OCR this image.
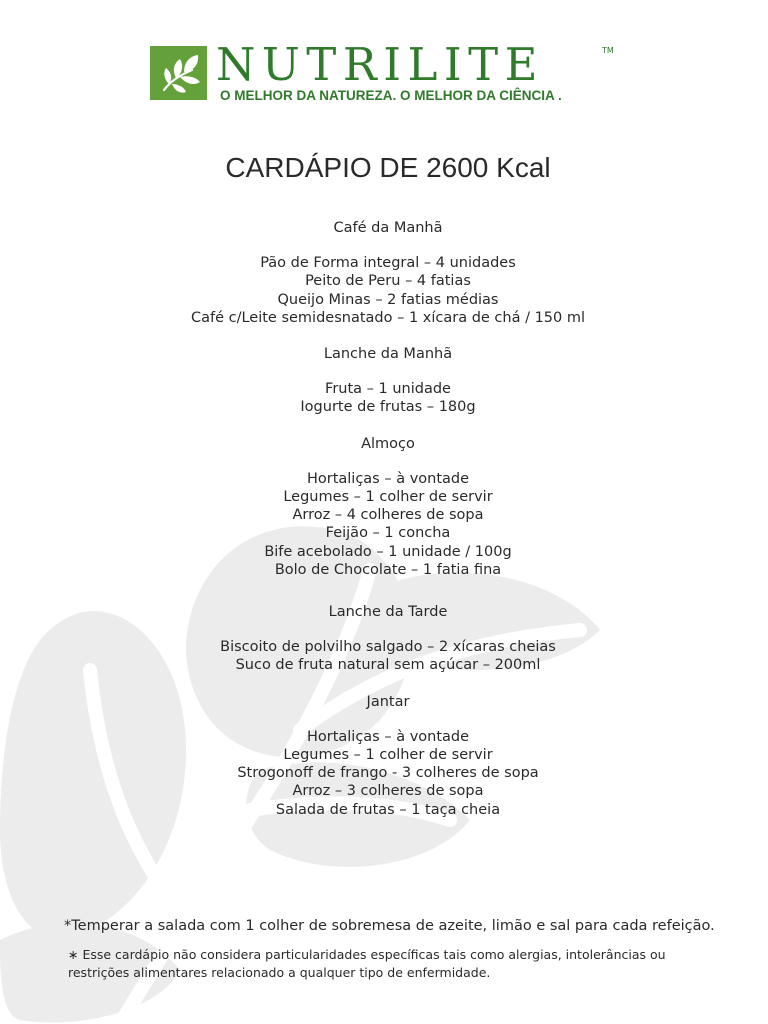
NUTRILITE	TM

O MELHOR DA NATUREZA. O MELHOR DA CIÊNCIA .

CARDÁPIO DE 2600 Kcal
Café da Manhã
Pão de Forma integral – 4 unidades
Peito de Peru – 4 fatias
Queijo Minas – 2 fatias médias
Café c/Leite semidesnatado – 1 xícara de chá / 150 ml
Lanche da Manhã
Fruta – 1 unidade
Iogurte de frutas – 180g
Almoço
Hortaliças – à vontade
Legumes – 1 colher de servir
Arroz – 4 colheres de sopa
Feijão – 1 concha
Bife acebolado – 1 unidade / 100g
Bolo de Chocolate – 1 fatia fina
Lanche da Tarde
Biscoito de polvilho salgado – 2 xícaras cheias
Suco de fruta natural sem açúcar – 200ml
Jantar
Hortaliças – à vontade
Legumes – 1 colher de servir
Strogonoff de frango - 3 colheres de sopa
Arroz – 3 colheres de sopa
Salada de frutas – 1 taça cheia

*Temperar a salada com 1 colher de sobremesa de azeite, limão e sal para cada refeição.

∗ Esse cardápio não considera particularidades específicas tais como alergias, intolerâncias ou restrições alimentares relacionado a qualquer tipo de enfermidade.
